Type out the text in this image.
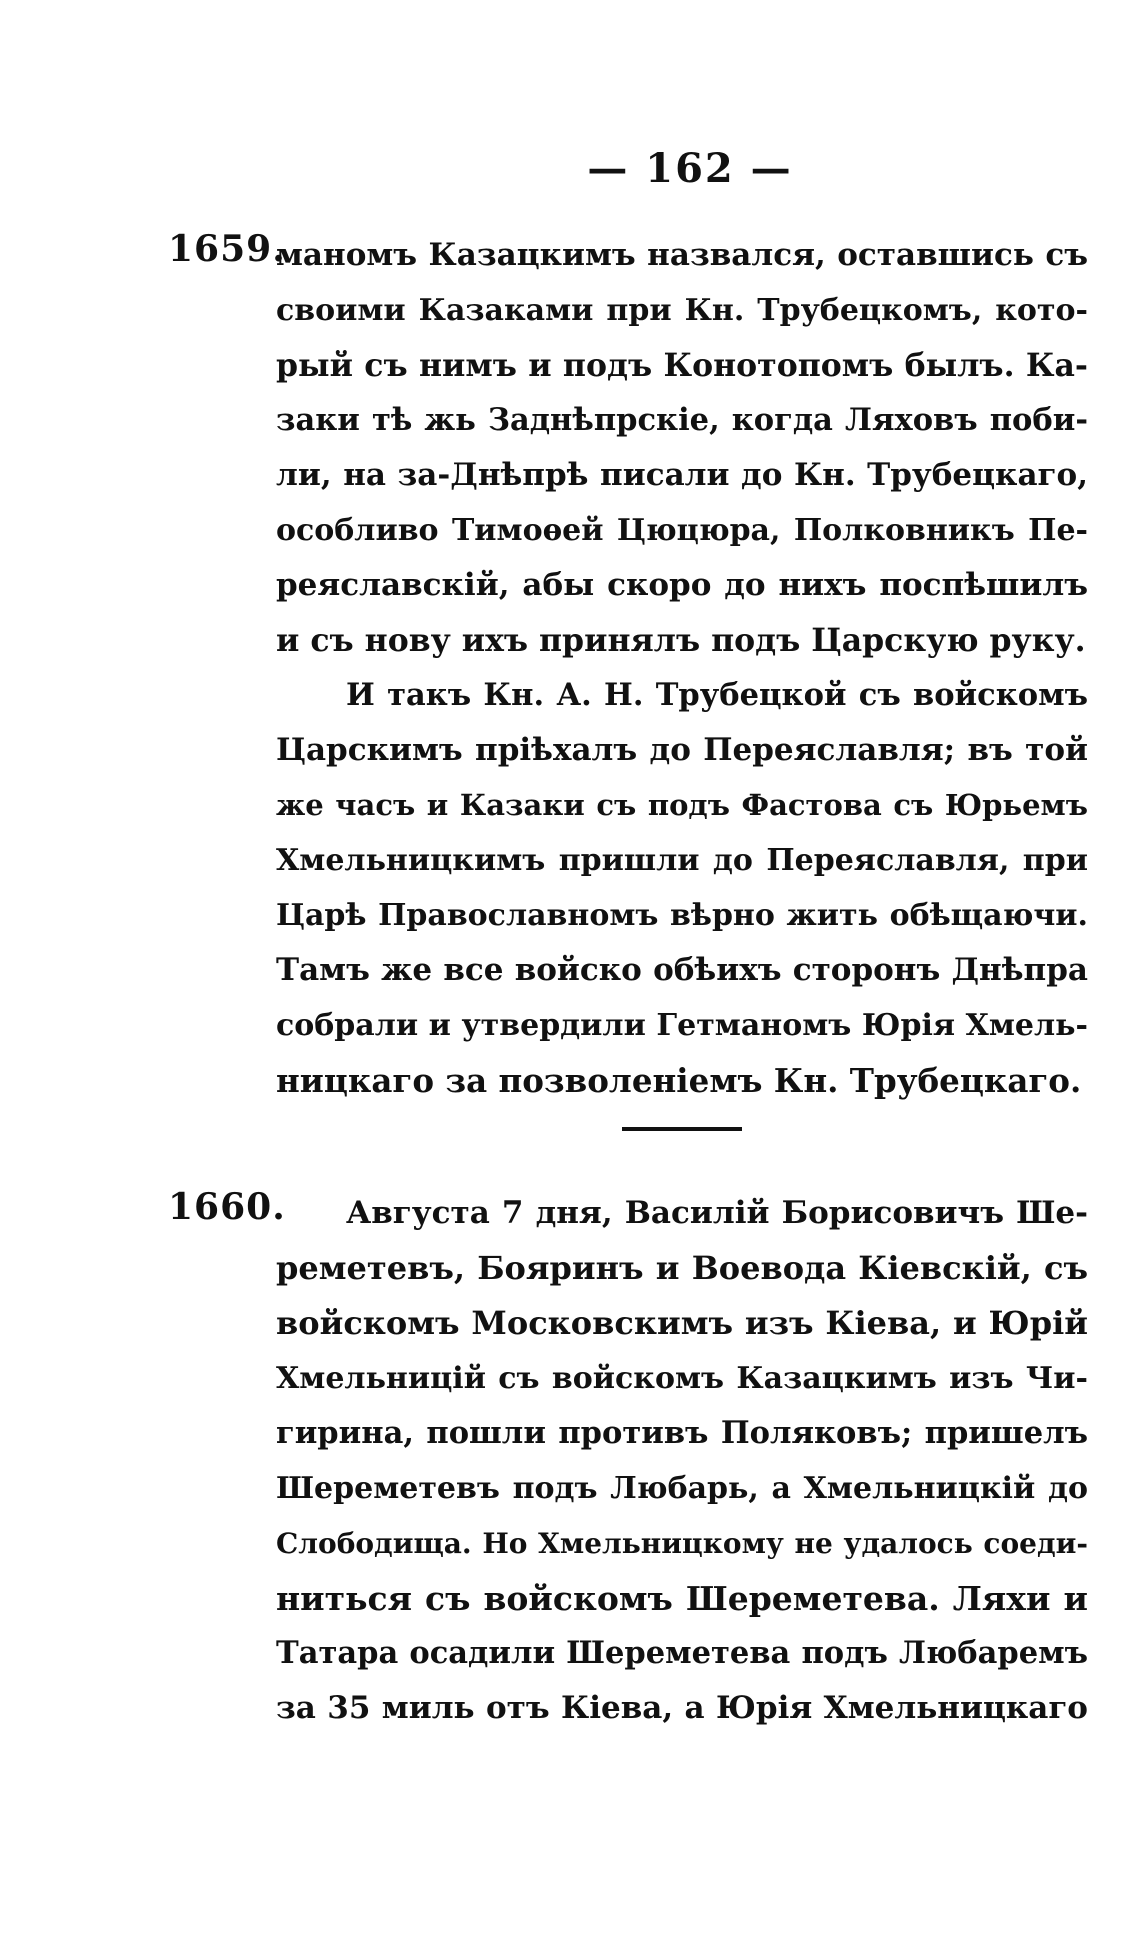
— 162 —
1659.
маномъ Казацкимъ назвался, оставшись съ
своими Казаками при Кн. Трубецкомъ, кото-
рый съ нимъ и подъ Конотопомъ былъ. Ка-
заки тѣ жь Заднѣпрскіе, когда Ляховъ поби-
ли, на за-Днѣпрѣ писали до Кн. Трубецкаго,
особливо Тимоѳей Цюцюра, Полковникъ Пе-
реяславскій, абы скоро до нихъ поспѣшилъ
и съ нову ихъ принялъ подъ Царскую руку.
И такъ Кн. А. Н. Трубецкой съ войскомъ
Царскимъ пріѣхалъ до Переяславля; въ той
же часъ и Казаки съ подъ Фастова съ Юрьемъ
Хмельницкимъ пришли до Переяславля, при
Царѣ Православномъ вѣрно жить обѣщаючи.
Тамъ же все войско обѣихъ сторонъ Днѣпра
собрали и утвердили Гетманомъ Юрія Хмель-
ницкаго за позволеніемъ Кн. Трубецкаго.
1660.	Августа 7 дня, Василій Борисовичъ Ше-
реметевъ, Бояринъ и Воевода Кіевскій, съ
войскомъ Московскимъ изъ Кіева, и Юрій
Хмельницій съ войскомъ Казацкимъ изъ Чи-
гирина, пошли противъ Поляковъ; пришелъ
Шереметевъ подъ Любарь, а Хмельницкій до
Слободища. Но Хмельницкому не удалось соеди-
ниться съ войскомъ Шереметева. Ляхи и
Татара осадили Шереметева подъ Любаремъ
за 35 миль отъ Кіева, а Юрія Хмельницкаго
